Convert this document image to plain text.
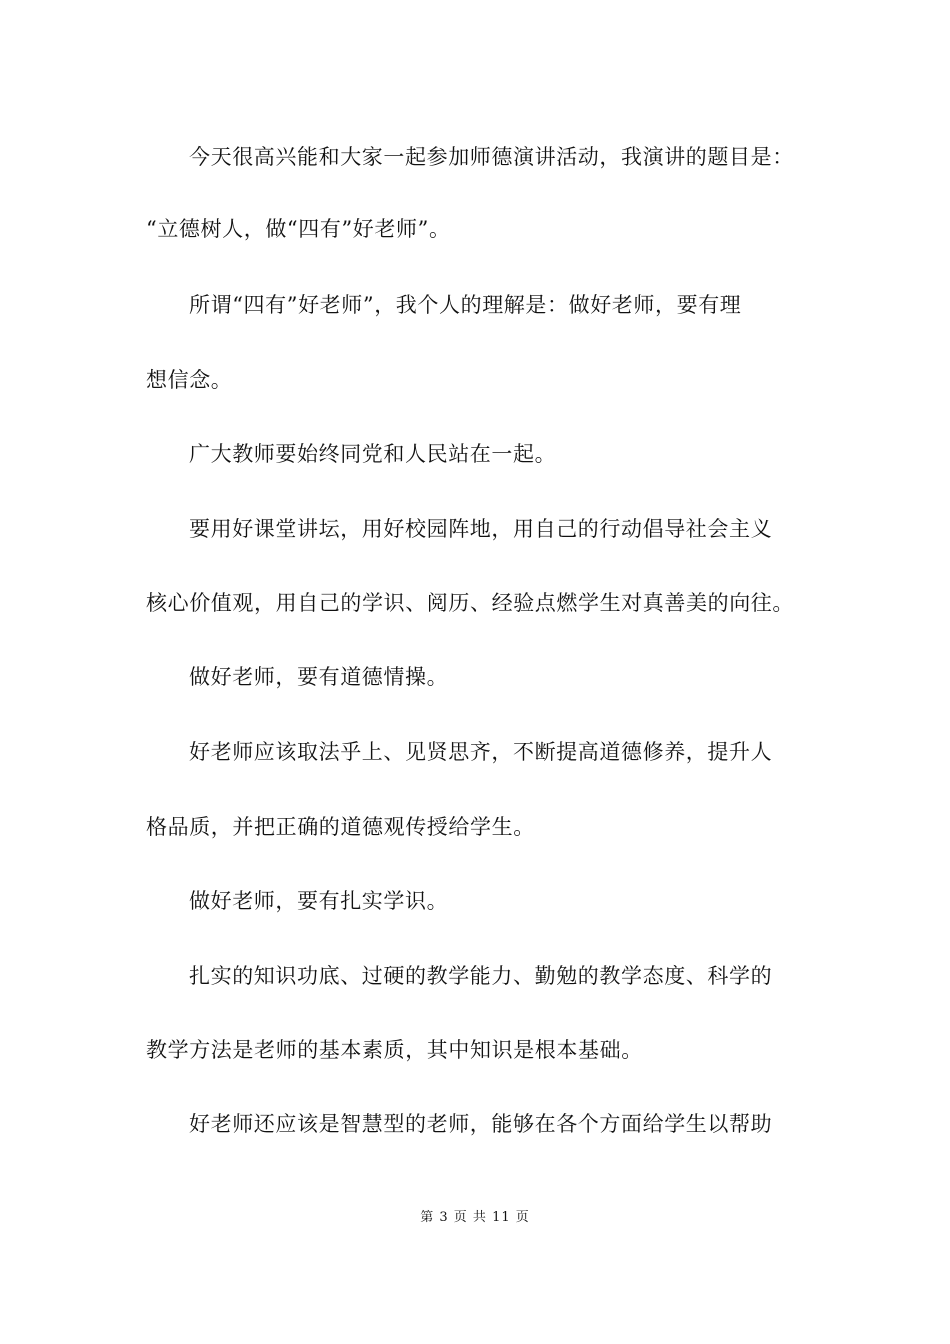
今天很高兴能和大家一起参加师德演讲活动，我演讲的题目是：
“立德树人，做“四有”好老师”。
所谓“四有”好老师”，我个人的理解是：做好老师，要有理
想信念。
广大教师要始终同党和人民站在一起。
要用好课堂讲坛，用好校园阵地，用自己的行动倡导社会主义
核心价值观，用自己的学识、阅历、经验点燃学生对真善美的向往。
做好老师，要有道德情操。
好老师应该取法乎上、见贤思齐，不断提高道德修养，提升人
格品质，并把正确的道德观传授给学生。
做好老师，要有扎实学识。
扎实的知识功底、过硬的教学能力、勤勉的教学态度、科学的
教学方法是老师的基本素质，其中知识是根本基础。
好老师还应该是智慧型的老师，能够在各个方面给学生以帮助
第 3 页 共 11 页
